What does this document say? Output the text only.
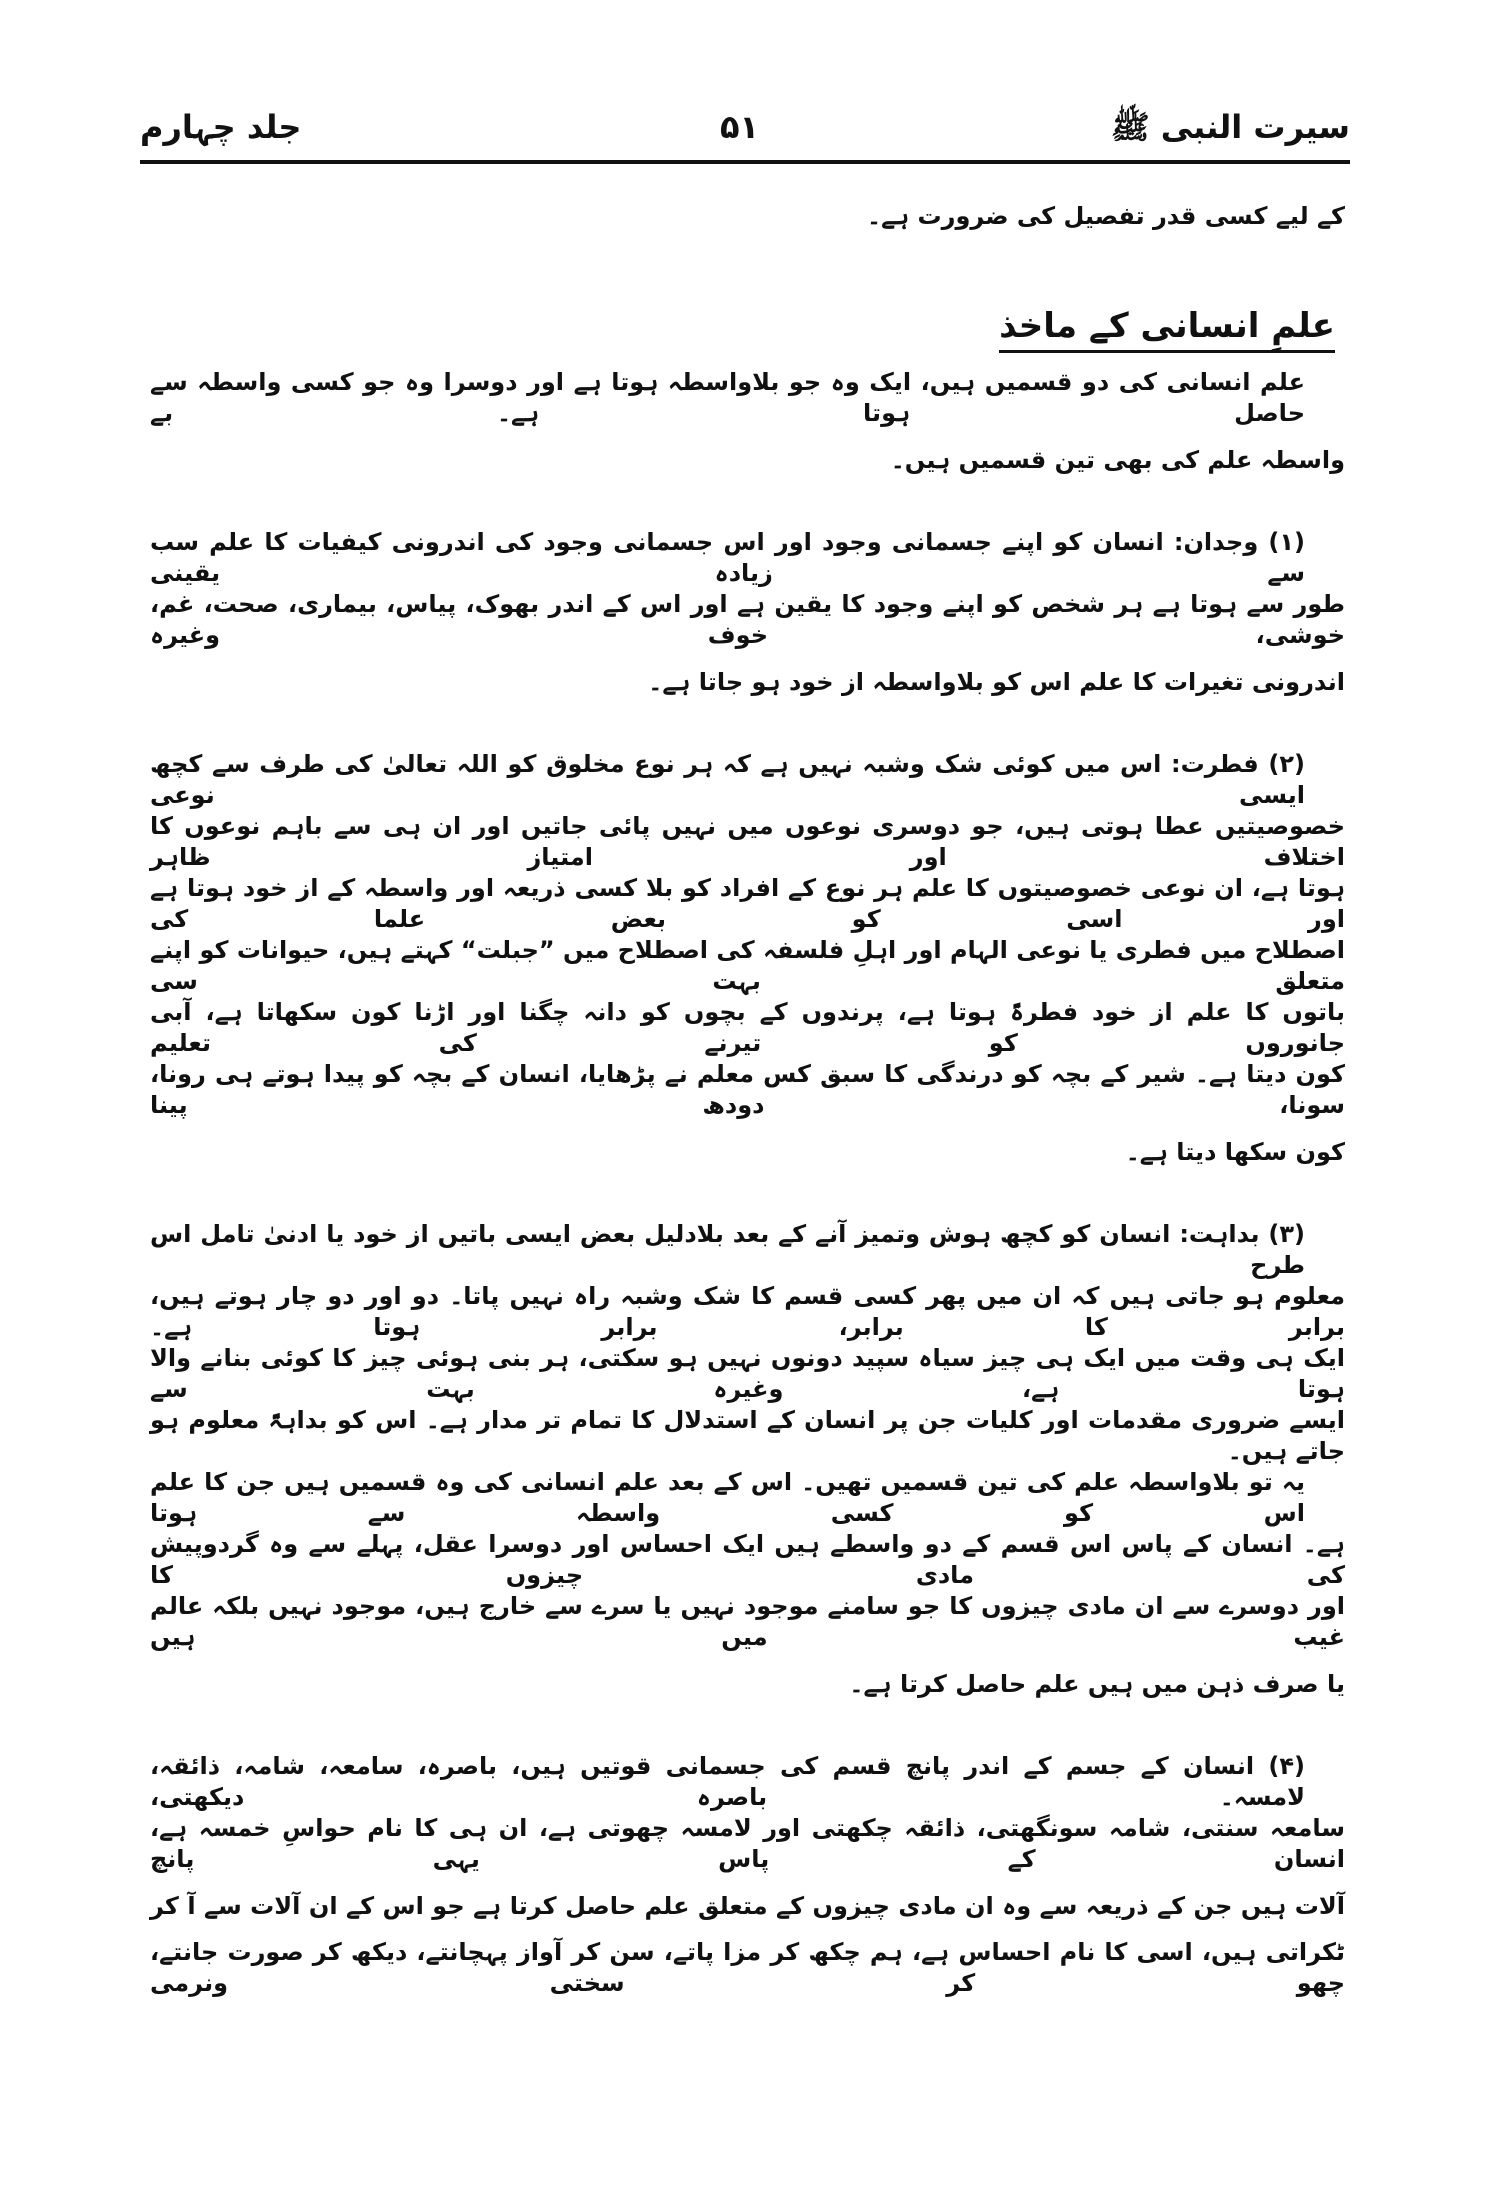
سیرت النبی ﷺ
۵۱
جلد چہارم
کے لیے کسی قدر تفصیل کی ضرورت ہے۔
علمِ انسانی کے ماخذ
علم انسانی کی دو قسمیں ہیں، ایک وہ جو بلاواسطہ ہوتا ہے اور دوسرا وہ جو کسی واسطہ سے حاصل ہوتا ہے۔ بے
واسطہ علم کی بھی تین قسمیں ہیں۔
(۱) وجدان: انسان کو اپنے جسمانی وجود اور اس جسمانی وجود کی اندرونی کیفیات کا علم سب سے زیادہ یقینی
طور سے ہوتا ہے ہر شخص کو اپنے وجود کا یقین ہے اور اس کے اندر بھوک، پیاس، بیماری، صحت، غم، خوشی، خوف وغیرہ
اندرونی تغیرات کا علم اس کو بلاواسطہ از خود ہو جاتا ہے۔
(۲) فطرت: اس میں کوئی شک وشبہ نہیں ہے کہ ہر نوع مخلوق کو اللہ تعالیٰ کی طرف سے کچھ ایسی نوعی
خصوصیتیں عطا ہوتی ہیں، جو دوسری نوعوں میں نہیں پائی جاتیں اور ان ہی سے باہم نوعوں کا اختلاف اور امتیاز ظاہر
ہوتا ہے، ان نوعی خصوصیتوں کا علم ہر نوع کے افراد کو بلا کسی ذریعہ اور واسطہ کے از خود ہوتا ہے اور اسی کو بعض علما کی
اصطلاح میں فطری یا نوعی الہام اور اہلِ فلسفہ کی اصطلاح میں ”جبلت“ کہتے ہیں، حیوانات کو اپنے متعلق بہت سی
باتوں کا علم از خود فطرۃً ہوتا ہے، پرندوں کے بچوں کو دانہ چگنا اور اڑنا کون سکھاتا ہے، آبی جانوروں کو تیرنے کی تعلیم
کون دیتا ہے۔ شیر کے بچہ کو درندگی کا سبق کس معلم نے پڑھایا، انسان کے بچہ کو پیدا ہوتے ہی رونا، سونا، دودھ پینا
کون سکھا دیتا ہے۔
(۳) بداہت: انسان کو کچھ ہوش وتمیز آنے کے بعد بلادلیل بعض ایسی باتیں از خود یا ادنیٰ تامل اس طرح
معلوم ہو جاتی ہیں کہ ان میں پھر کسی قسم کا شک وشبہ راہ نہیں پاتا۔ دو اور دو چار ہوتے ہیں، برابر کا برابر، برابر ہوتا ہے۔
ایک ہی وقت میں ایک ہی چیز سیاہ سپید دونوں نہیں ہو سکتی، ہر بنی ہوئی چیز کا کوئی بنانے والا ہوتا ہے، وغیرہ بہت سے
ایسے ضروری مقدمات اور کلیات جن پر انسان کے استدلال کا تمام تر مدار ہے۔ اس کو بداہۃً معلوم ہو جاتے ہیں۔
یہ تو بلاواسطہ علم کی تین قسمیں تھیں۔ اس کے بعد علم انسانی کی وہ قسمیں ہیں جن کا علم اس کو کسی واسطہ سے ہوتا
ہے۔ انسان کے پاس اس قسم کے دو واسطے ہیں ایک احساس اور دوسرا عقل، پہلے سے وہ گردوپیش کی مادی چیزوں کا
اور دوسرے سے ان مادی چیزوں کا جو سامنے موجود نہیں یا سرے سے خارج ہیں، موجود نہیں بلکہ عالم غیب میں ہیں
یا صرف ذہن میں ہیں علم حاصل کرتا ہے۔
(۴) انسان کے جسم کے اندر پانچ قسم کی جسمانی قوتیں ہیں، باصرہ، سامعہ، شامہ، ذائقہ، لامسہ۔ باصرہ دیکھتی،
سامعہ سنتی، شامہ سونگھتی، ذائقہ چکھتی اور لامسہ چھوتی ہے، ان ہی کا نام حواسِ خمسہ ہے، انسان کے پاس یہی پانچ
آلات ہیں جن کے ذریعہ سے وہ ان مادی چیزوں کے متعلق علم حاصل کرتا ہے جو اس کے ان آلات سے آ کر
ٹکراتی ہیں، اسی کا نام احساس ہے، ہم چکھ کر مزا پاتے، سن کر آواز پہچانتے، دیکھ کر صورت جانتے، چھو کر سختی ونرمی
